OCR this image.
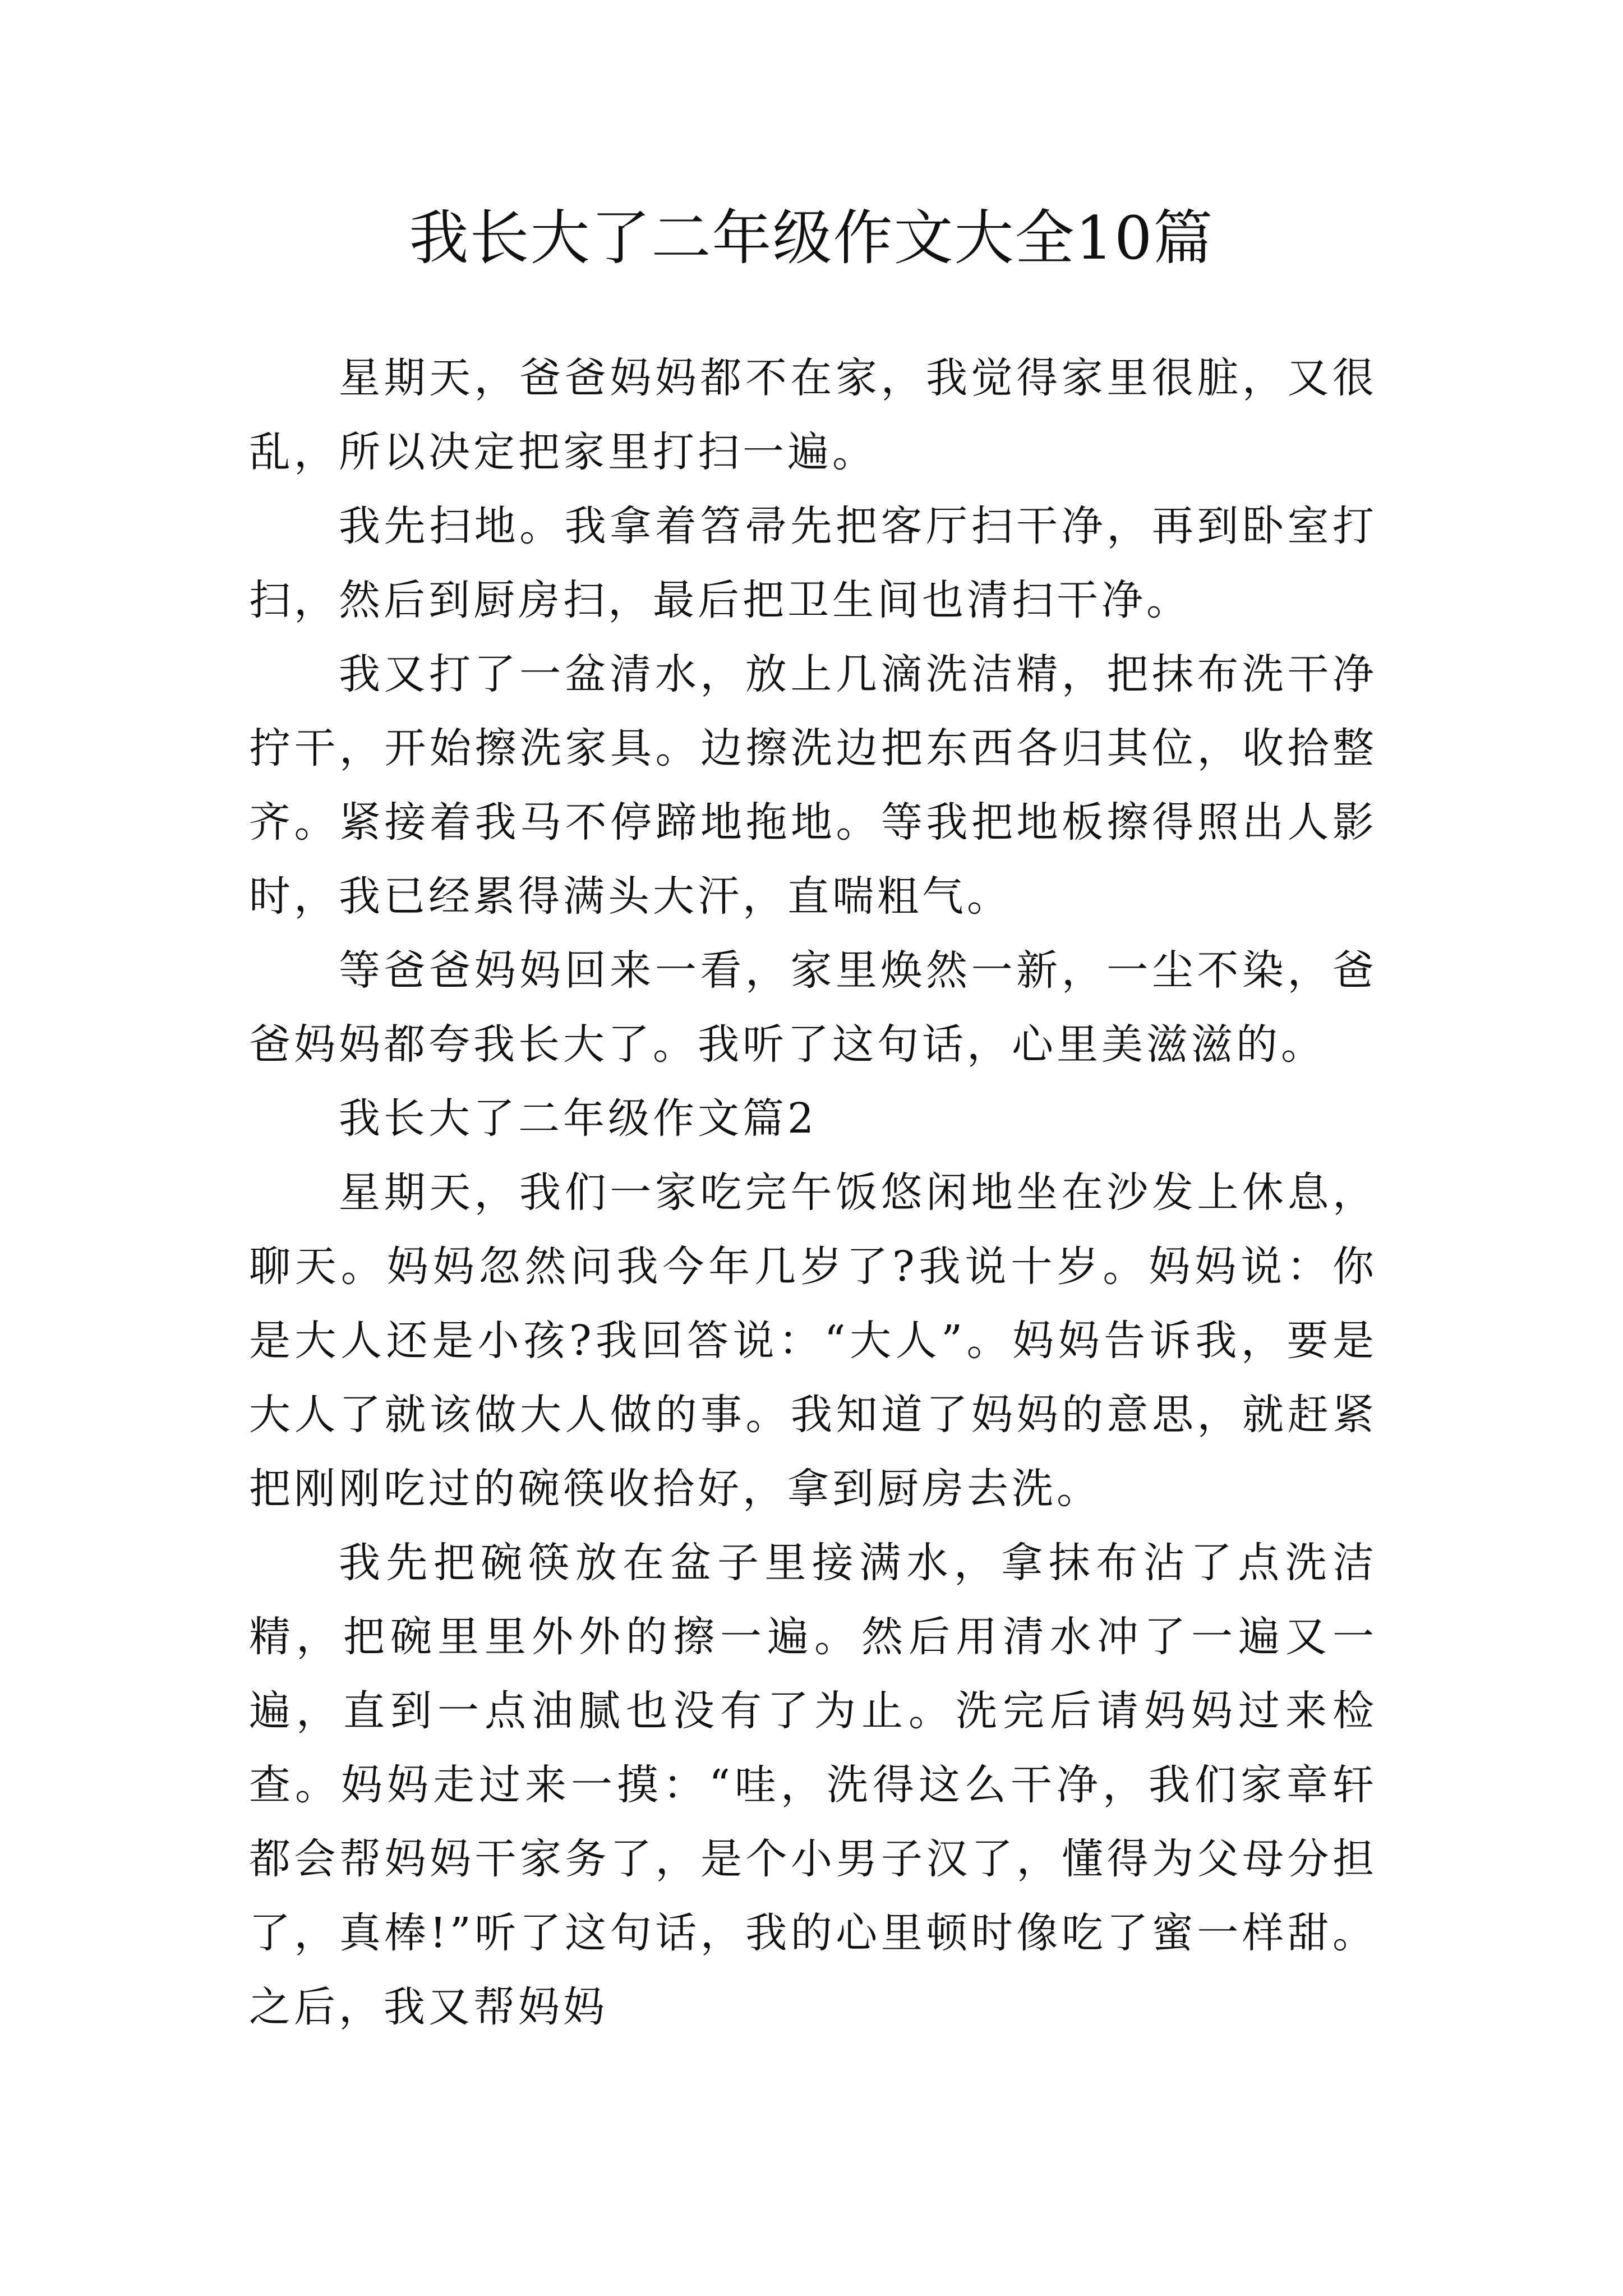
我长大了二年级作文大全10篇

星期天，爸爸妈妈都不在家，我觉得家里很脏，又很乱，所以决定把家里打扫一遍。

我先扫地。我拿着笤帚先把客厅扫干净，再到卧室打扫，然后到厨房扫，最后把卫生间也清扫干净。

我又打了一盆清水，放上几滴洗洁精，把抹布洗干净拧干，开始擦洗家具。边擦洗边把东西各归其位，收拾整齐。紧接着我马不停蹄地拖地。等我把地板擦得照出人影时，我已经累得满头大汗，直喘粗气。

等爸爸妈妈回来一看，家里焕然一新，一尘不染，爸爸妈妈都夸我长大了。我听了这句话，心里美滋滋的。

我长大了二年级作文篇2

星期天，我们一家吃完午饭悠闲地坐在沙发上休息，聊天。妈妈忽然问我今年几岁了?我说十岁。妈妈说：你是大人还是小孩?我回答说：“大人”。妈妈告诉我，要是大人了就该做大人做的事。我知道了妈妈的意思，就赶紧把刚刚吃过的碗筷收拾好，拿到厨房去洗。

我先把碗筷放在盆子里接满水，拿抹布沾了点洗洁精，把碗里里外外的擦一遍。然后用清水冲了一遍又一遍，直到一点油腻也没有了为止。洗完后请妈妈过来检查。妈妈走过来一摸：“哇，洗得这么干净，我们家章轩都会帮妈妈干家务了，是个小男子汉了，懂得为父母分担了，真棒!”听了这句话，我的心里顿时像吃了蜜一样甜。之后，我又帮妈妈
